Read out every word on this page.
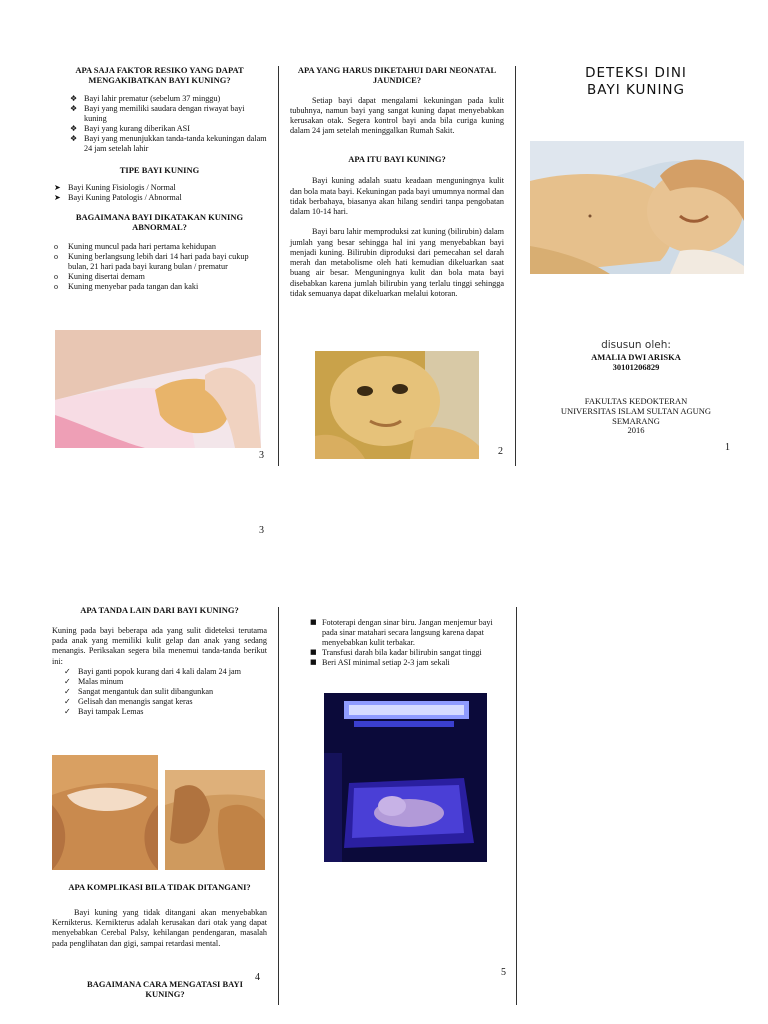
APA SAJA FAKTOR RESIKO YANG DAPAT MENGAKIBATKAN BAYI KUNING?
❖ Bayi lahir prematur (sebelum 37 minggu)
❖ Bayi yang memiliki saudara dengan riwayat bayi kuning
❖ Bayi yang kurang diberikan ASI
❖ Bayi yang menunjukkan tanda-tanda kekuningan dalam 24 jam setelah lahir
TIPE BAYI KUNING
➤ Bayi Kuning Fisiologis / Normal
➤ Bayi Kuning Patologis / Abnormal
BAGAIMANA BAYI DIKATAKAN KUNING ABNORMAL?
o Kuning muncul pada hari pertama kehidupan
o Kuning berlangsung lebih dari 14 hari pada bayi cukup bulan, 21 hari pada bayi kurang bulan / prematur
o Kuning disertai demam
o Kuning menyebar pada tangan dan kaki
3
APA YANG HARUS DIKETAHUI DARI NEONATAL JAUNDICE?
Setiap bayi dapat mengalami kekuningan pada kulit tubuhnya, namun bayi yang sangat kuning dapat menyebabkan kerusakan otak. Segera kontrol bayi anda bila curiga kuning dalam 24 jam setelah meninggalkan Rumah Sakit.
APA ITU BAYI KUNING?
Bayi kuning adalah suatu keadaan menguningnya kulit dan bola mata bayi. Kekuningan pada bayi umumnya normal dan tidak berbahaya, biasanya akan hilang sendiri tanpa pengobatan dalam 10-14 hari.
Bayi baru lahir memproduksi zat kuning (bilirubin) dalam jumlah yang besar sehingga hal ini yang menyebabkan bayi menjadi kuning. Bilirubin diproduksi dari pemecahan sel darah merah dan metabolisme oleh hati kemudian dikeluarkan saat buang air besar. Menguningnya kulit dan bola mata bayi disebabkan karena jumlah bilirubin yang terlalu tinggi sehingga tidak semuanya dapat dikeluarkan melalui kotoran.
2
DETEKSI DINI
BAYI KUNING
disusun oleh:
AMALIA DWI ARISKA
30101206829
FAKULTAS KEDOKTERAN
UNIVERSITAS ISLAM SULTAN AGUNG
SEMARANG
2016
1
3
APA TANDA LAIN DARI BAYI KUNING?
Kuning pada bayi beberapa ada yang sulit dideteksi terutama pada anak yang memiliki kulit gelap dan anak yang sedang menangis. Periksakan segera bila menemui tanda-tanda berikut ini:
✓ Bayi ganti popok kurang dari 4 kali dalam 24 jam
✓ Malas minum
✓ Sangat mengantuk dan sulit dibangunkan
✓ Gelisah dan menangis sangat keras
✓ Bayi tampak Lemas
APA KOMPLIKASI BILA TIDAK DITANGANI?
Bayi kuning yang tidak ditangani akan menyebabkan Kernikterus. Kernikterus adalah kerusakan dari otak yang dapat menyebabkan Cerebal Palsy, kehilangan pendengaran, masalah pada penglihatan dan gigi, sampai retardasi mental.
BAGAIMANA CARA MENGATASI BAYI KUNING?
4
■ Fototerapi dengan sinar biru. Jangan menjemur bayi pada sinar matahari secara langsung karena dapat menyebabkan kulit terbakar.
■ Transfusi darah bila kadar bilirubin sangat tinggi
■ Beri ASI minimal setiap 2-3 jam sekali
5
